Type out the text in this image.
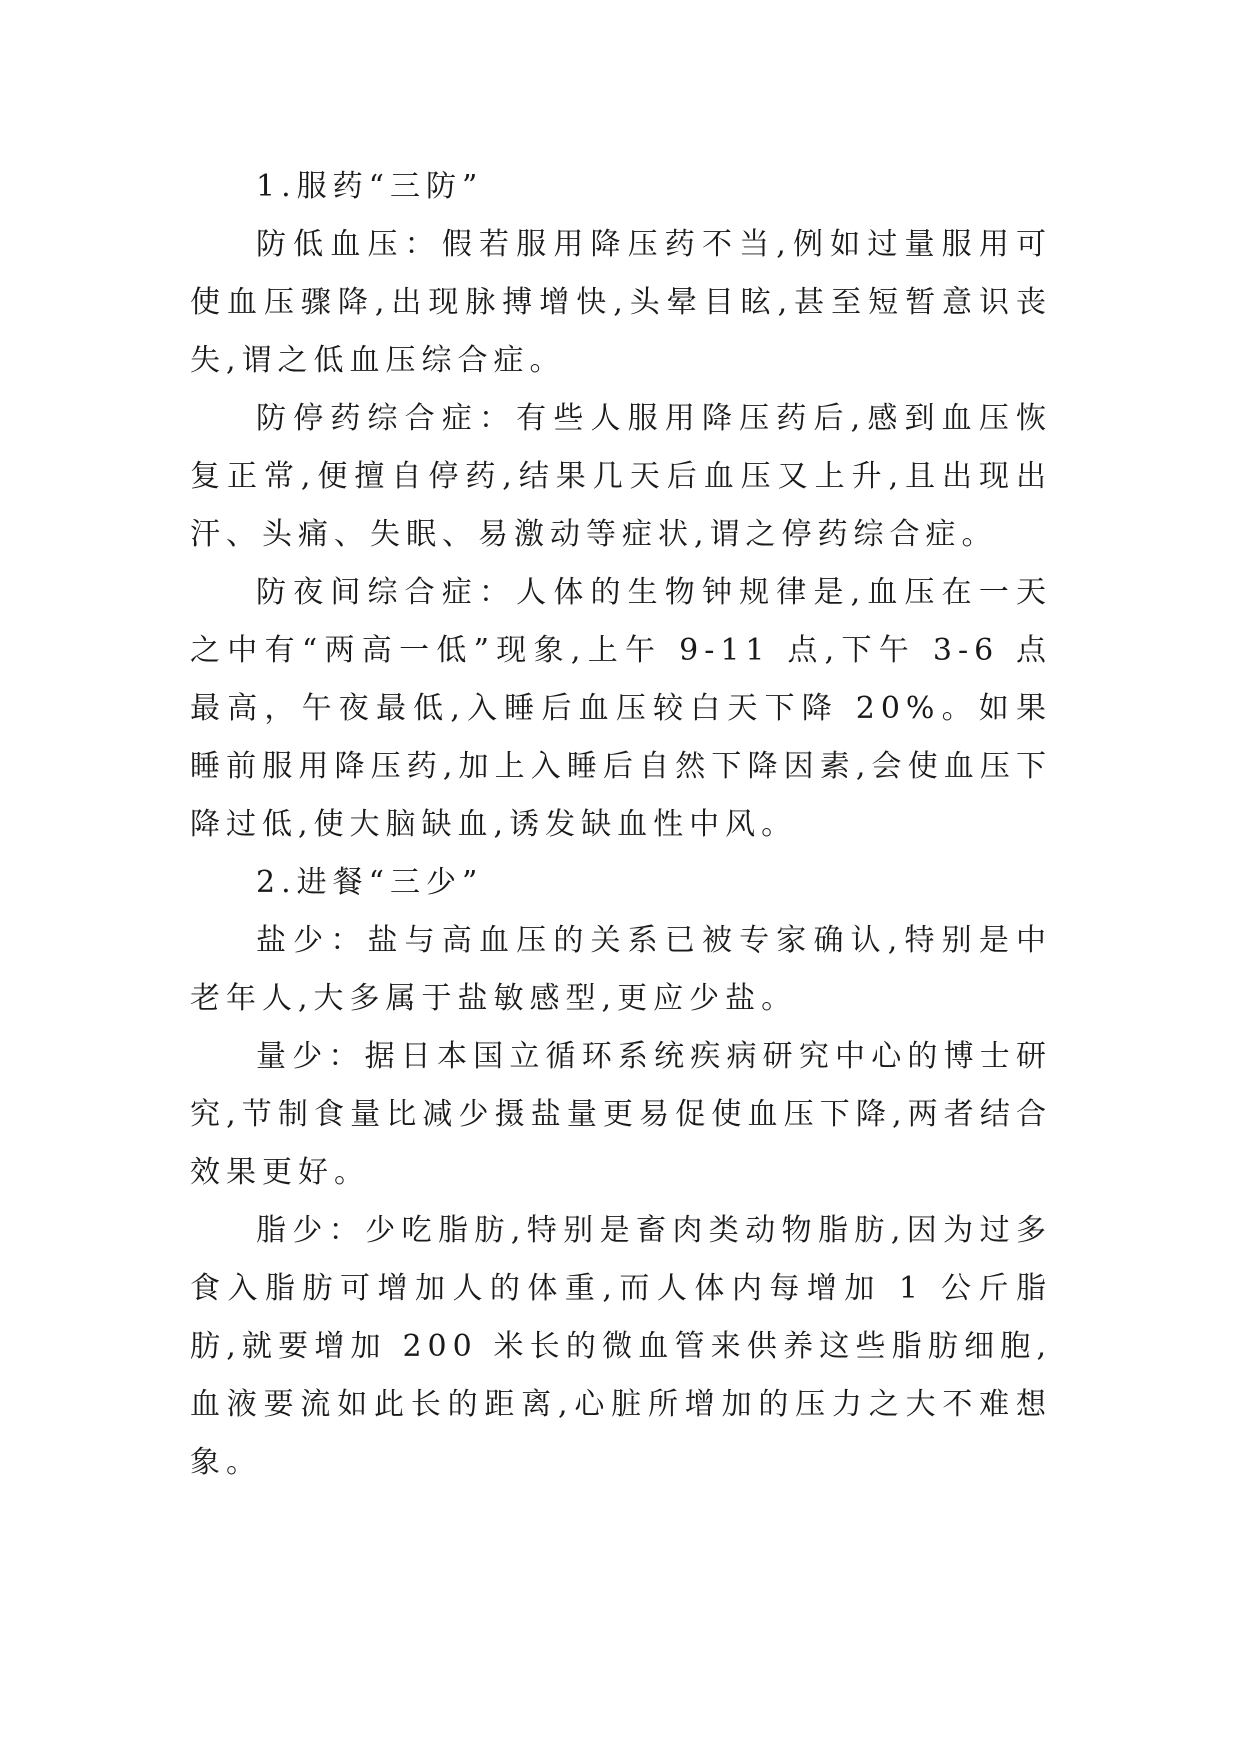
1.服药“三防”

防低血压：假若服用降压药不当,例如过量服用可使血压骤降,出现脉搏增快,头晕目眩,甚至短暂意识丧失,谓之低血压综合症。

防停药综合症：有些人服用降压药后,感到血压恢复正常,便擅自停药,结果几天后血压又上升,且出现出汗、头痛、失眠、易激动等症状,谓之停药综合症。

防夜间综合症：人体的生物钟规律是,血压在一天之中有“两高一低”现象,上午 9-11 点,下午 3-6 点最高，午夜最低,入睡后血压较白天下降 20%。如果睡前服用降压药,加上入睡后自然下降因素,会使血压下降过低,使大脑缺血,诱发缺血性中风。

2.进餐“三少”

盐少：盐与高血压的关系已被专家确认,特别是中老年人,大多属于盐敏感型,更应少盐。

量少：据日本国立循环系统疾病研究中心的博士研究,节制食量比减少摄盐量更易促使血压下降,两者结合效果更好。

脂少：少吃脂肪,特别是畜肉类动物脂肪,因为过多食入脂肪可增加人的体重,而人体内每增加 1 公斤脂肪,就要增加 200 米长的微血管来供养这些脂肪细胞,血液要流如此长的距离,心脏所增加的压力之大不难想象。
